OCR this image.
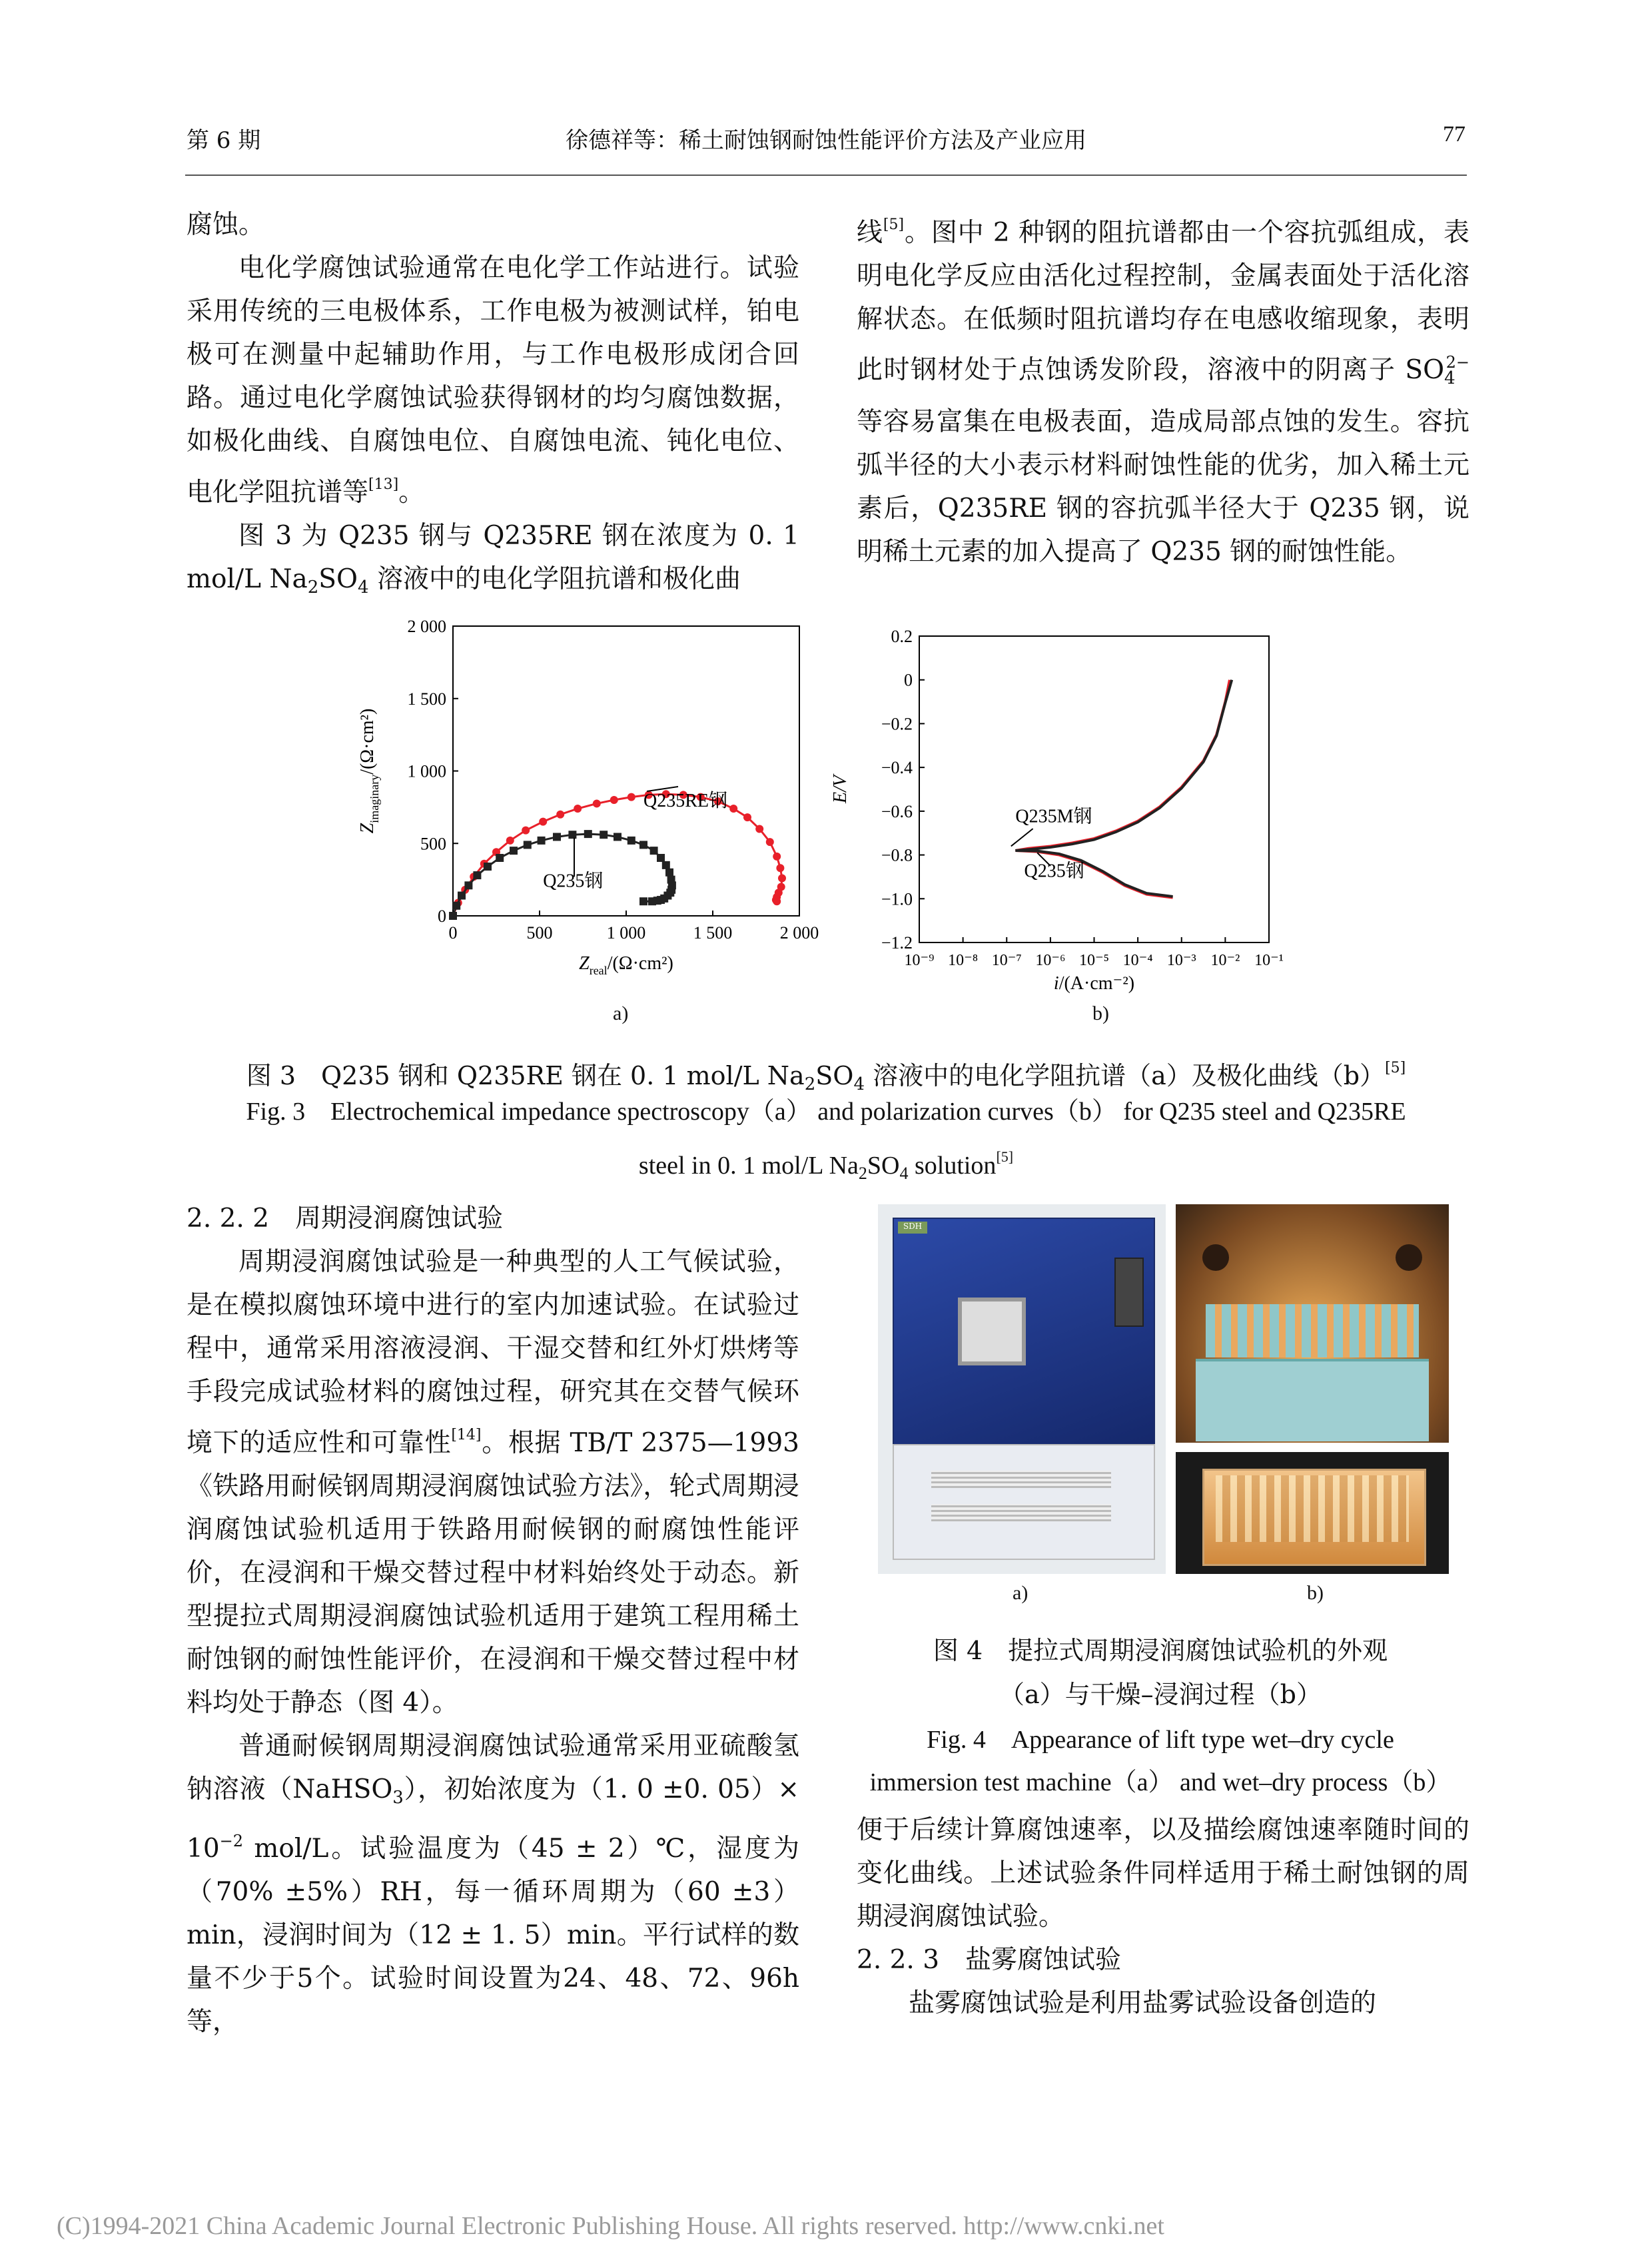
第 6 期	徐德祥等：稀土耐蚀钢耐蚀性能评价方法及产业应用	77

腐蚀。

电化学腐蚀试验通常在电化学工作站进行。试验采用传统的三电极体系，工作电极为被测试样，铂电极可在测量中起辅助作用，与工作电极形成闭合回路。通过电化学腐蚀试验获得钢材的均匀腐蚀数据，如极化曲线、自腐蚀电位、自腐蚀电流、钝化电位、电化学阻抗谱等[13]。

图 3 为 Q235 钢与 Q235RE 钢在浓度为 0. 1 mol/L $Na_2SO_4$ 溶液中的电化学阻抗谱和极化曲

线[5]。图中 2 种钢的阻抗谱都由一个容抗弧组成，表明电化学反应由活化过程控制，金属表面处于活化溶解状态。在低频时阻抗谱均存在电感收缩现象，表明此时钢材处于点蚀诱发阶段，溶液中的阴离子 $SO_4^{2-}$ 等容易富集在电极表面，造成局部点蚀的发生。容抗弧半径的大小表示材料耐蚀性能的优劣，加入稀土元素后，Q235RE 钢的容抗弧半径大于 Q235 钢，说明稀土元素的加入提高了 Q235 钢的耐蚀性能。

0	500	1 000	1 500	2 000
0
500
1 000
1 500
2 000
Q235RE钢
Q235钢
$Z_{real}/(\Omega\cdot cm^2)$
$Z_{imaginary}/(\Omega\cdot cm^2)$
10⁻⁹ 10⁻⁸ 10⁻⁷ 10⁻⁶ 10⁻⁵ 10⁻⁴ 10⁻³ 10⁻² 10⁻¹
0.2
0
−0.2
−0.4
−0.6
−0.8
−1.0
−1.2
Q235M钢
Q235钢
i/(A·cm⁻²)
E/V
a)	b)
图 3　Q235 钢和 Q235RE 钢在 0. 1 mol/L $Na_2SO_4$ 溶液中的电化学阻抗谱（a）及极化曲线（b）[5]
Fig. 3　Electrochemical impedance spectroscopy（a） and polarization curves（b） for Q235 steel and Q235RE
steel in 0. 1 mol/L $Na_2SO_4$ solution[5]

2. 2. 2　周期浸润腐蚀试验

周期浸润腐蚀试验是一种典型的人工气候试验，是在模拟腐蚀环境中进行的室内加速试验。在试验过程中，通常采用溶液浸润、干湿交替和红外灯烘烤等手段完成试验材料的腐蚀过程，研究其在交替气候环境下的适应性和可靠性[14]。根据 TB/T 2375—1993《铁路用耐候钢周期浸润腐蚀试验方法》，轮式周期浸润腐蚀试验机适用于铁路用耐候钢的耐腐蚀性能评价，在浸润和干燥交替过程中材料始终处于动态。新型提拉式周期浸润腐蚀试验机适用于建筑工程用稀土耐蚀钢的耐蚀性能评价，在浸润和干燥交替过程中材料均处于静态（图 4）。

普通耐候钢周期浸润腐蚀试验通常采用亚硫酸氢钠溶液（NaHSO$_3$），初始浓度为（1. 0 ±0. $05)\times 10^{-2}$ mol/L。试验温度为（45 ± 2）℃，湿度为（70% ±5%）RH，每一循环周期为（60 ±3）min，浸润时间为（12 ± 1. 5）min。平行试样的数量不少于5个。试验时间设置为24、48、72、96h等，

SDH
a)	b)
图 4　提拉式周期浸润腐蚀试验机的外观
（a）与干燥–浸润过程（b）
Fig. 4　Appearance of lift type wet–dry cycle
immersion test machine（a） and wet–dry process（b）

便于后续计算腐蚀速率，以及描绘腐蚀速率随时间的变化曲线。上述试验条件同样适用于稀土耐蚀钢的周期浸润腐蚀试验。

2. 2. 3　盐雾腐蚀试验

盐雾腐蚀试验是利用盐雾试验设备创造的

(C)1994-2021 China Academic Journal Electronic Publishing House. All rights reserved. http://www.cnki.net
